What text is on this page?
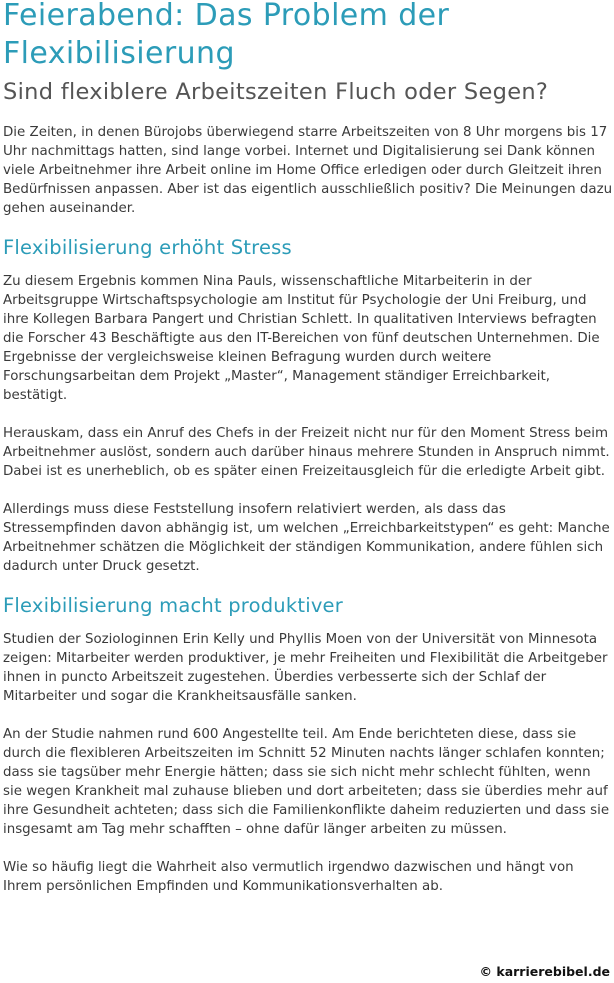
Feierabend: Das Problem der
Flexibilisierung
Sind flexiblere Arbeitszeiten Fluch oder Segen?

Die Zeiten, in denen Bürojobs überwiegend starre Arbeitszeiten von 8 Uhr morgens bis 17 Uhr nachmittags hatten, sind lange vorbei. Internet und Digitalisierung sei Dank können viele Arbeitnehmer ihre Arbeit online im Home Office erledigen oder durch Gleitzeit ihren Bedürfnissen anpassen. Aber ist das eigentlich ausschließlich positiv? Die Meinungen dazu gehen auseinander.

Flexibilisierung erhöht Stress

Zu diesem Ergebnis kommen Nina Pauls, wissenschaftliche Mitarbeiterin in der Arbeitsgruppe Wirtschaftspsychologie am Institut für Psychologie der Uni Freiburg, und ihre Kollegen Barbara Pangert und Christian Schlett. In qualitativen Interviews befragten die Forscher 43 Beschäftigte aus den IT-Bereichen von fünf deutschen Unternehmen. Die Ergebnisse der vergleichsweise kleinen Befragung wurden durch weitere Forschungsarbeitan dem Projekt „Master“, Management ständiger Erreichbarkeit, bestätigt.

Herauskam, dass ein Anruf des Chefs in der Freizeit nicht nur für den Moment Stress beim Arbeitnehmer auslöst, sondern auch darüber hinaus mehrere Stunden in Anspruch nimmt. Dabei ist es unerheblich, ob es später einen Freizeitausgleich für die erledigte Arbeit gibt.

Allerdings muss diese Feststellung insofern relativiert werden, als dass das Stressempfinden davon abhängig ist, um welchen „Erreichbarkeitstypen“ es geht: Manche Arbeitnehmer schätzen die Möglichkeit der ständigen Kommunikation, andere fühlen sich dadurch unter Druck gesetzt.

Flexibilisierung macht produktiver

Studien der Soziologinnen Erin Kelly und Phyllis Moen von der Universität von Minnesota zeigen: Mitarbeiter werden produktiver, je mehr Freiheiten und Flexibilität die Arbeitgeber ihnen in puncto Arbeitszeit zugestehen. Überdies verbesserte sich der Schlaf der Mitarbeiter und sogar die Krankheitsausfälle sanken.

An der Studie nahmen rund 600 Angestellte teil. Am Ende berichteten diese, dass sie durch die flexibleren Arbeitszeiten im Schnitt 52 Minuten nachts länger schlafen konnten; dass sie tagsüber mehr Energie hätten; dass sie sich nicht mehr schlecht fühlten, wenn sie wegen Krankheit mal zuhause blieben und dort arbeiteten; dass sie überdies mehr auf ihre Gesundheit achteten; dass sich die Familienkonflikte daheim reduzierten und dass sie insgesamt am Tag mehr schafften – ohne dafür länger arbeiten zu müssen.

Wie so häufig liegt die Wahrheit also vermutlich irgendwo dazwischen und hängt von Ihrem persönlichen Empfinden und Kommunikationsverhalten ab.

© karrierebibel.de
